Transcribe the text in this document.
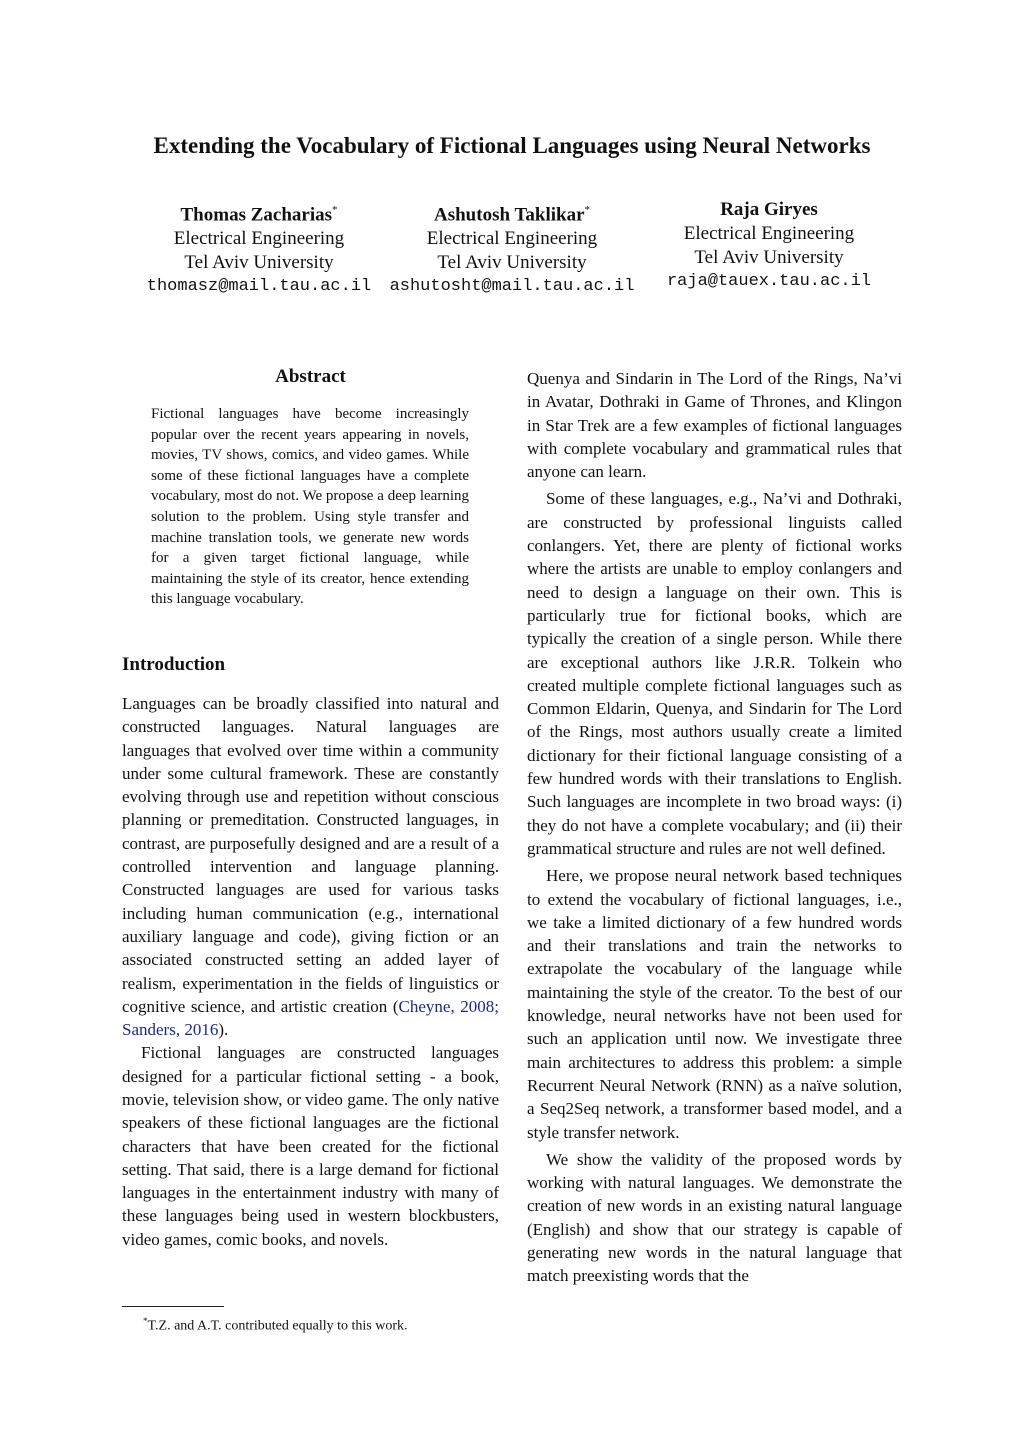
Extending the Vocabulary of Fictional Languages using Neural Networks
Thomas Zacharias*
Electrical Engineering
Tel Aviv University
thomasz@mail.tau.ac.il
Ashutosh Taklikar*
Electrical Engineering
Tel Aviv University
ashutosht@mail.tau.ac.il
Raja Giryes
Electrical Engineering
Tel Aviv University
raja@tauex.tau.ac.il
Abstract

Fictional languages have become increasingly popular over the recent years appearing in novels, movies, TV shows, comics, and video games. While some of these fictional languages have a complete vocabulary, most do not. We propose a deep learning solution to the problem. Using style transfer and machine translation tools, we generate new words for a given target fictional language, while maintaining the style of its creator, hence extending this language vocabulary.

Introduction

Languages can be broadly classified into natural and constructed languages. Natural languages are languages that evolved over time within a community under some cultural framework. These are constantly evolving through use and repetition without conscious planning or premeditation. Constructed languages, in contrast, are purposefully designed and are a result of a controlled intervention and language planning. Constructed languages are used for various tasks including human communication (e.g., international auxiliary language and code), giving fiction or an associated constructed setting an added layer of realism, experimentation in the fields of linguistics or cognitive science, and artistic creation (Cheyne, 2008; Sanders, 2016).

Fictional languages are constructed languages designed for a particular fictional setting - a book, movie, television show, or video game. The only native speakers of these fictional languages are the fictional characters that have been created for the fictional setting. That said, there is a large demand for fictional languages in the entertainment industry with many of these languages being used in western blockbusters, video games, comic books, and novels.

Quenya and Sindarin in The Lord of the Rings, Na’vi in Avatar, Dothraki in Game of Thrones, and Klingon in Star Trek are a few examples of fictional languages with complete vocabulary and grammatical rules that anyone can learn.

Some of these languages, e.g., Na’vi and Dothraki, are constructed by professional linguists called conlangers. Yet, there are plenty of fictional works where the artists are unable to employ conlangers and need to design a language on their own. This is particularly true for fictional books, which are typically the creation of a single person. While there are exceptional authors like J.R.R. Tolkein who created multiple complete fictional languages such as Common Eldarin, Quenya, and Sindarin for The Lord of the Rings, most authors usually create a limited dictionary for their fictional language consisting of a few hundred words with their translations to English. Such languages are incomplete in two broad ways: (i) they do not have a complete vocabulary; and (ii) their grammatical structure and rules are not well defined.

Here, we propose neural network based techniques to extend the vocabulary of fictional languages, i.e., we take a limited dictionary of a few hundred words and their translations and train the networks to extrapolate the vocabulary of the language while maintaining the style of the creator. To the best of our knowledge, neural networks have not been used for such an application until now. We investigate three main architectures to address this problem: a simple Recurrent Neural Network (RNN) as a naïve solution, a Seq2Seq network, a transformer based model, and a style transfer network.

We show the validity of the proposed words by working with natural languages. We demonstrate the creation of new words in an existing natural language (English) and show that our strategy is capable of generating new words in the natural language that match preexisting words that the

*T.Z. and A.T. contributed equally to this work.
